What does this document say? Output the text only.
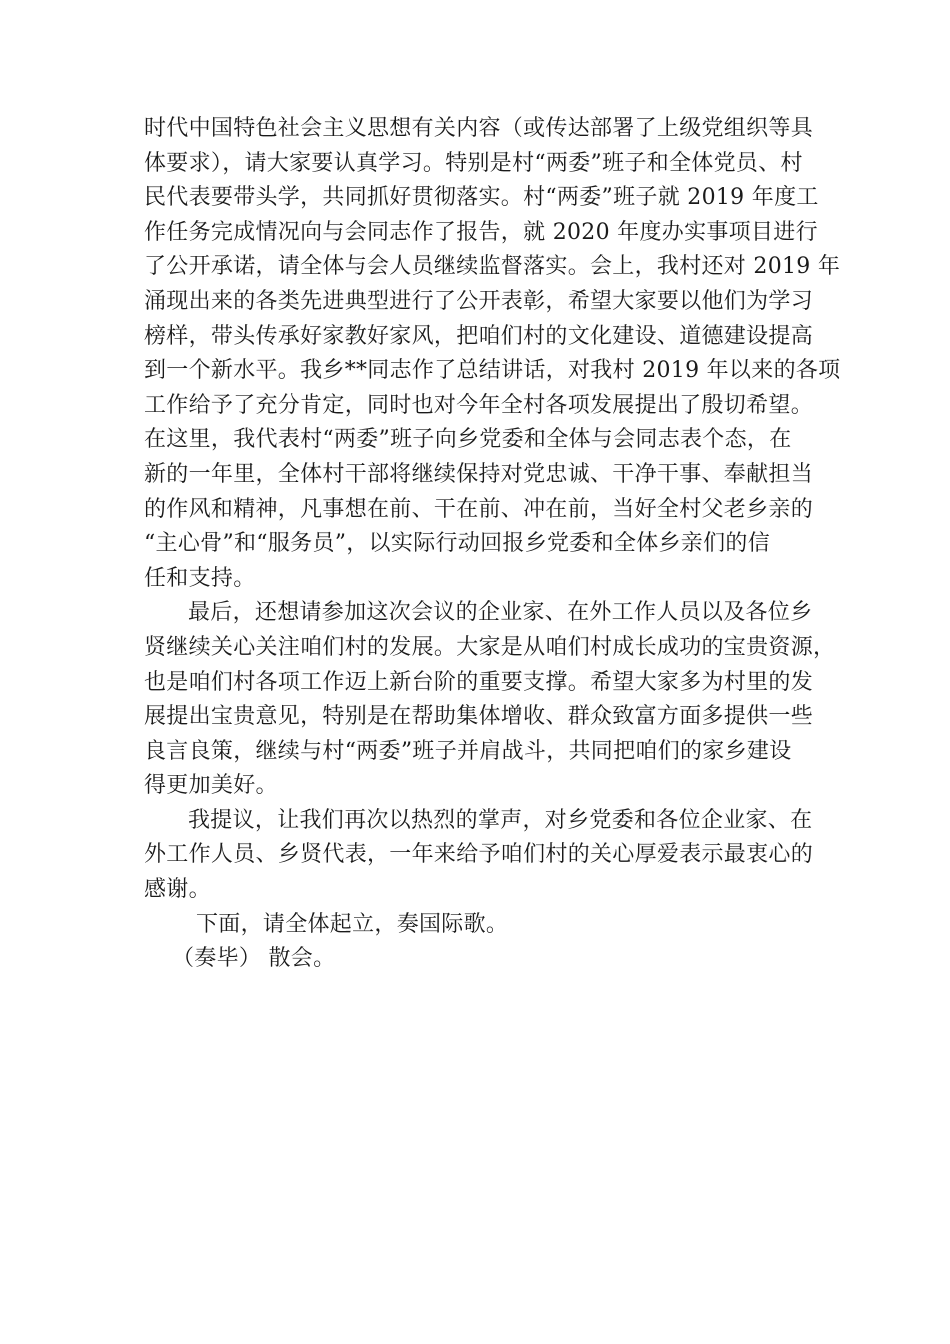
时代中国特色社会主义思想有关内容（或传达部署了上级党组织等具
体要求），请大家要认真学习。特别是村“两委”班子和全体党员、村
民代表要带头学，共同抓好贯彻落实。村“两委”班子就 2019 年度工
作任务完成情况向与会同志作了报告，就 2020 年度办实事项目进行
了公开承诺，请全体与会人员继续监督落实。会上，我村还对 2019 年
涌现出来的各类先进典型进行了公开表彰，希望大家要以他们为学习
榜样，带头传承好家教好家风，把咱们村的文化建设、道德建设提高
到一个新水平。我乡**同志作了总结讲话，对我村 2019 年以来的各项
工作给予了充分肯定，同时也对今年全村各项发展提出了殷切希望。
在这里，我代表村“两委”班子向乡党委和全体与会同志表个态，在
新的一年里，全体村干部将继续保持对党忠诚、干净干事、奉献担当
的作风和精神，凡事想在前、干在前、冲在前，当好全村父老乡亲的
“主心骨”和“服务员”，以实际行动回报乡党委和全体乡亲们的信
任和支持。
最后，还想请参加这次会议的企业家、在外工作人员以及各位乡
贤继续关心关注咱们村的发展。大家是从咱们村成长成功的宝贵资源，
也是咱们村各项工作迈上新台阶的重要支撑。希望大家多为村里的发
展提出宝贵意见，特别是在帮助集体增收、群众致富方面多提供一些
良言良策，继续与村“两委”班子并肩战斗，共同把咱们的家乡建设
得更加美好。
我提议，让我们再次以热烈的掌声，对乡党委和各位企业家、在
外工作人员、乡贤代表，一年来给予咱们村的关心厚爱表示最衷心的
感谢。
下面，请全体起立，奏国际歌。
（奏毕） 散会。
